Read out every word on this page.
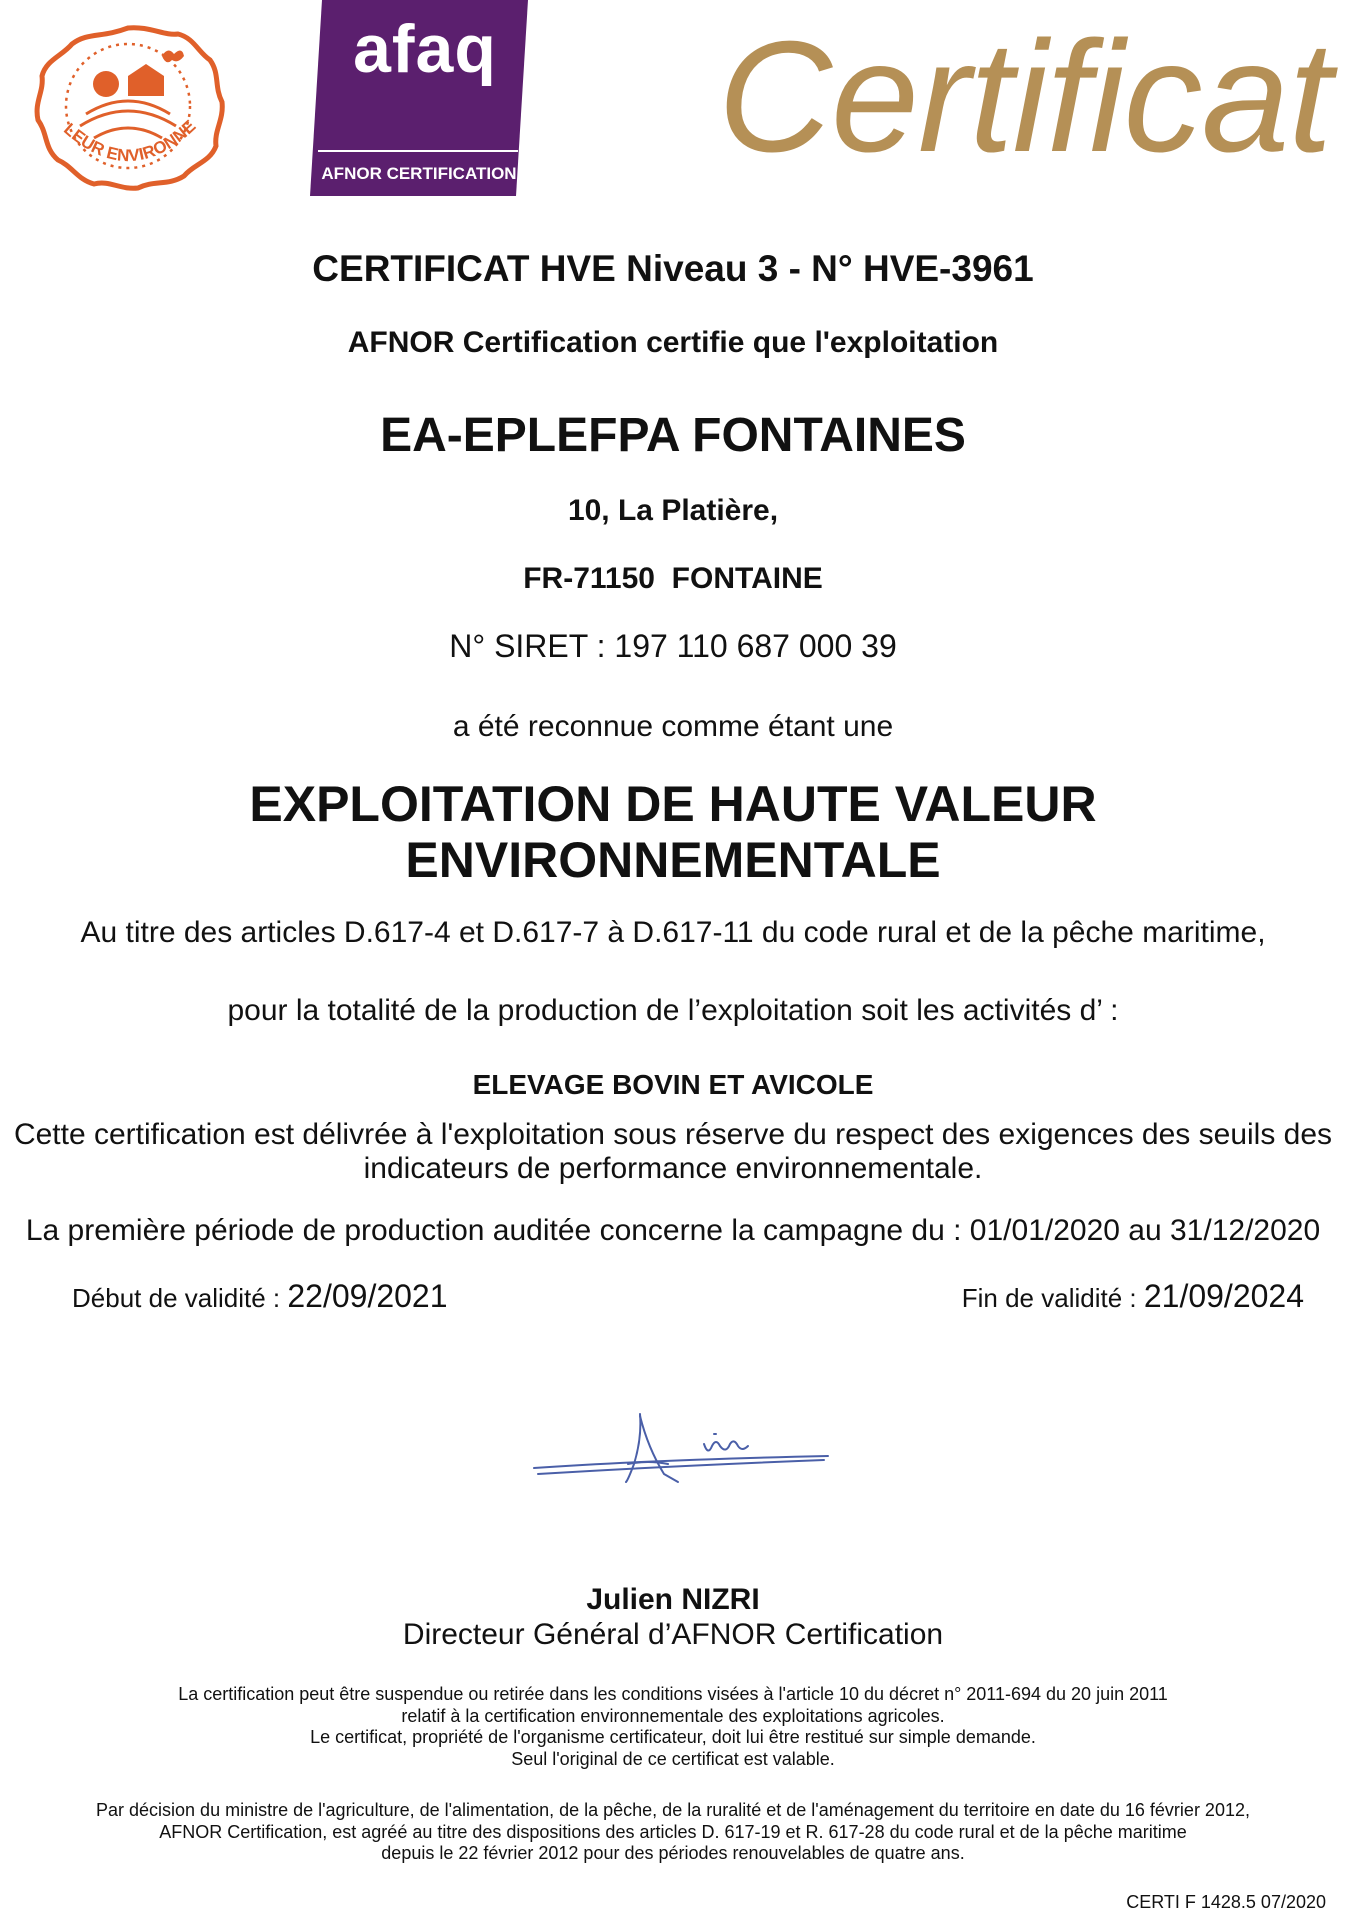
LEUR ENVIRONNE
afaq
AFNOR CERTIFICATION Certificat
CERTIFICAT HVE Niveau 3 - N° HVE-3961
AFNOR Certification certifie que l'exploitation
EA-EPLEFPA FONTAINES
10, La Platière,
FR-71150  FONTAINE
N° SIRET : 197 110 687 000 39
a été reconnue comme étant une
EXPLOITATION DE HAUTE VALEUR
ENVIRONNEMENTALE
Au titre des articles D.617-4 et D.617-7 à D.617-11 du code rural et de la pêche maritime,
pour la totalité de la production de l’exploitation soit les activités d’ :
ELEVAGE BOVIN ET AVICOLE
Cette certification est délivrée à l'exploitation sous réserve du respect des exigences des seuils des
indicateurs de performance environnementale.
La première période de production auditée concerne la campagne du : 01/01/2020 au 31/12/2020
Début de validité : 22/09/2021	Fin de validité : 21/09/2024
Julien NIZRI
Directeur Général d’AFNOR Certification
La certification peut être suspendue ou retirée dans les conditions visées à l'article 10 du décret n° 2011-694 du 20 juin 2011
relatif à la certification environnementale des exploitations agricoles.
Le certificat, propriété de l'organisme certificateur, doit lui être restitué sur simple demande.
Seul l'original de ce certificat est valable.
Par décision du ministre de l'agriculture, de l'alimentation, de la pêche, de la ruralité et de l'aménagement du territoire en date du 16 février 2012,
AFNOR Certification, est agréé au titre des dispositions des articles D. 617-19 et R. 617-28 du code rural et de la pêche maritime
depuis le 22 février 2012 pour des périodes renouvelables de quatre ans.
CERTI F 1428.5 07/2020
